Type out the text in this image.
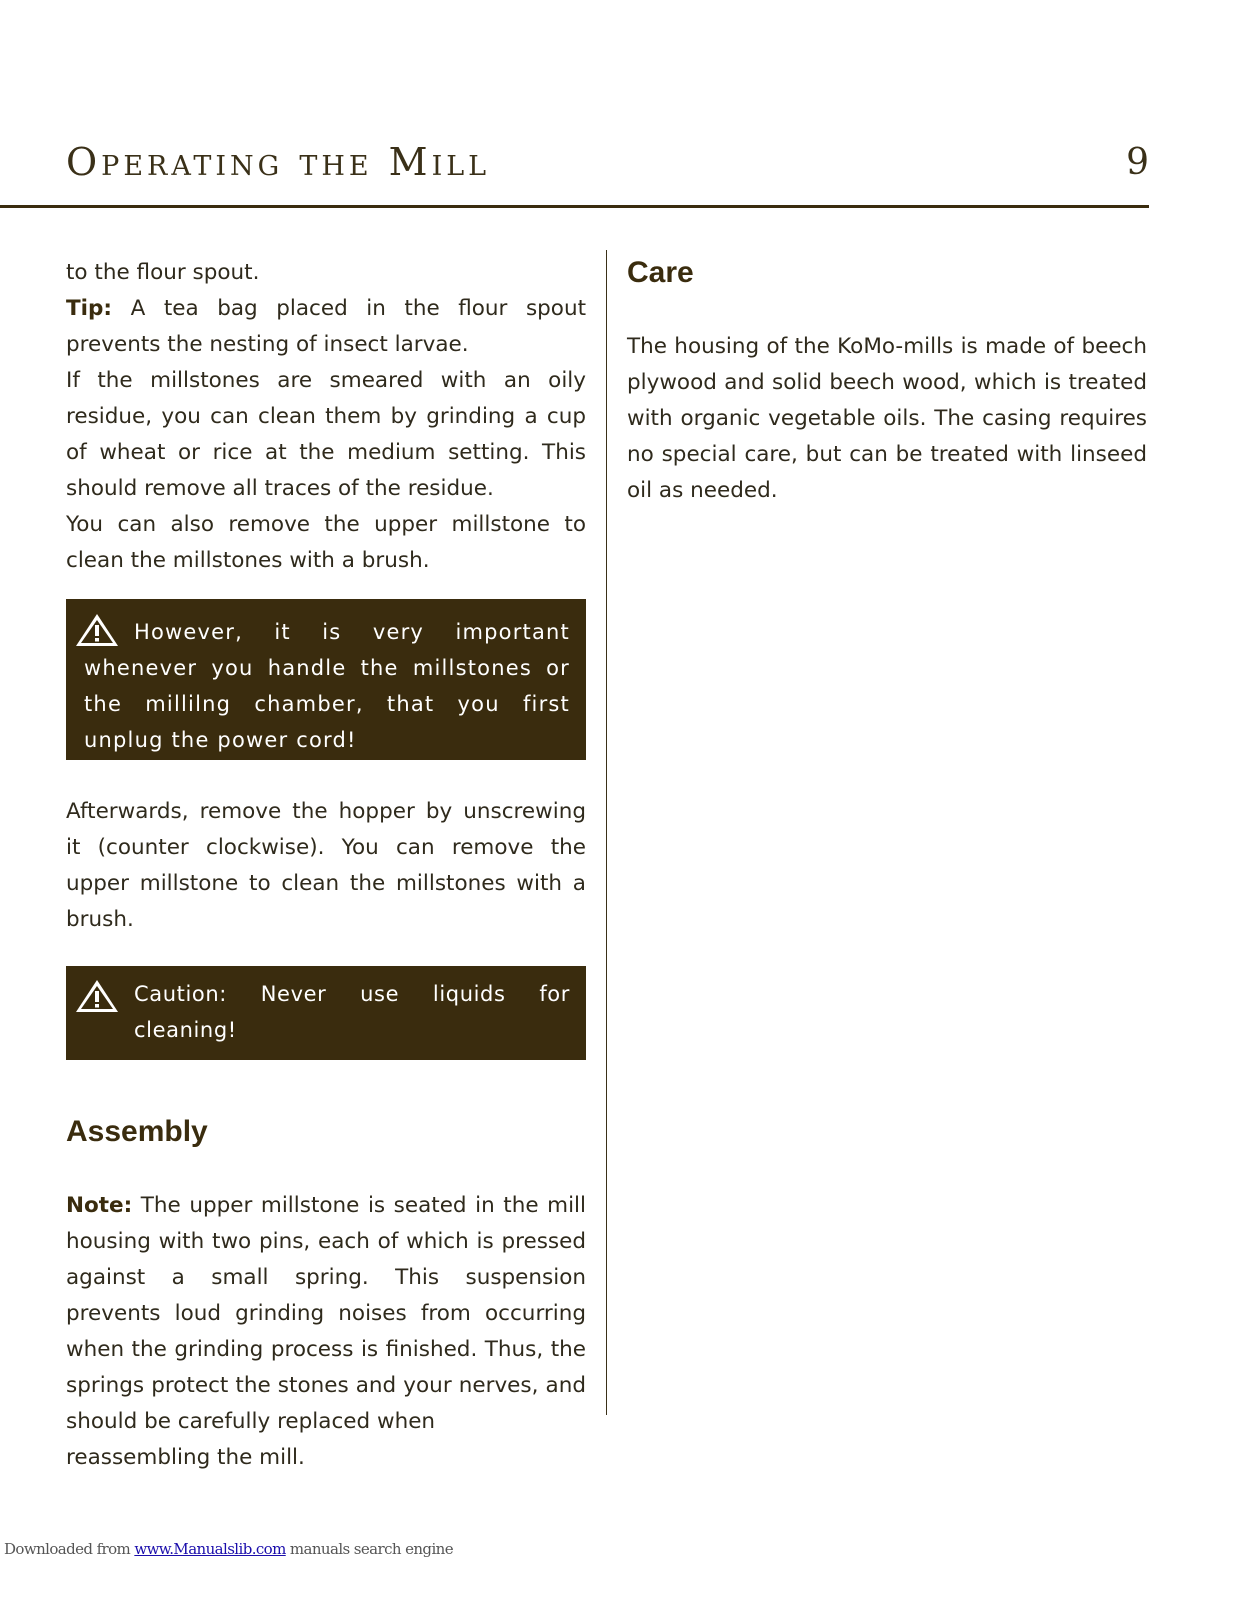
Operating the Mill	9

to the flour spout.

Tip: A tea bag placed in the flour spout prevents the nesting of insect larvae.

If the millstones are smeared with an oily residue, you can clean them by grinding a cup of wheat or rice at the medium setting. This should remove all traces of the residue.

You can also remove the upper millstone to clean the millstones with a brush.

However, it is very important whenever you handle the millstones or the millilng chamber, that you first unplug the power cord!

Afterwards, remove the hopper by unscrewing it (counter clockwise). You can remove the upper millstone to clean the millstones with a brush.

Caution: Never use liquids for cleaning!
Assembly

Note: The upper millstone is seated in the mill housing with two pins, each of which is pressed against a small spring. This suspension prevents loud grinding noises from occurring when the grinding process is finished. Thus, the springs protect the stones and your nerves, and should be carefully replaced when

reassembling the mill.

Care

The housing of the KoMo-mills is made of beech plywood and solid beech wood, which is treated with organic vegetable oils. The casing requires no special care, but can be treated with linseed oil as needed.

Downloaded from www.Manualslib.com manuals search engine
